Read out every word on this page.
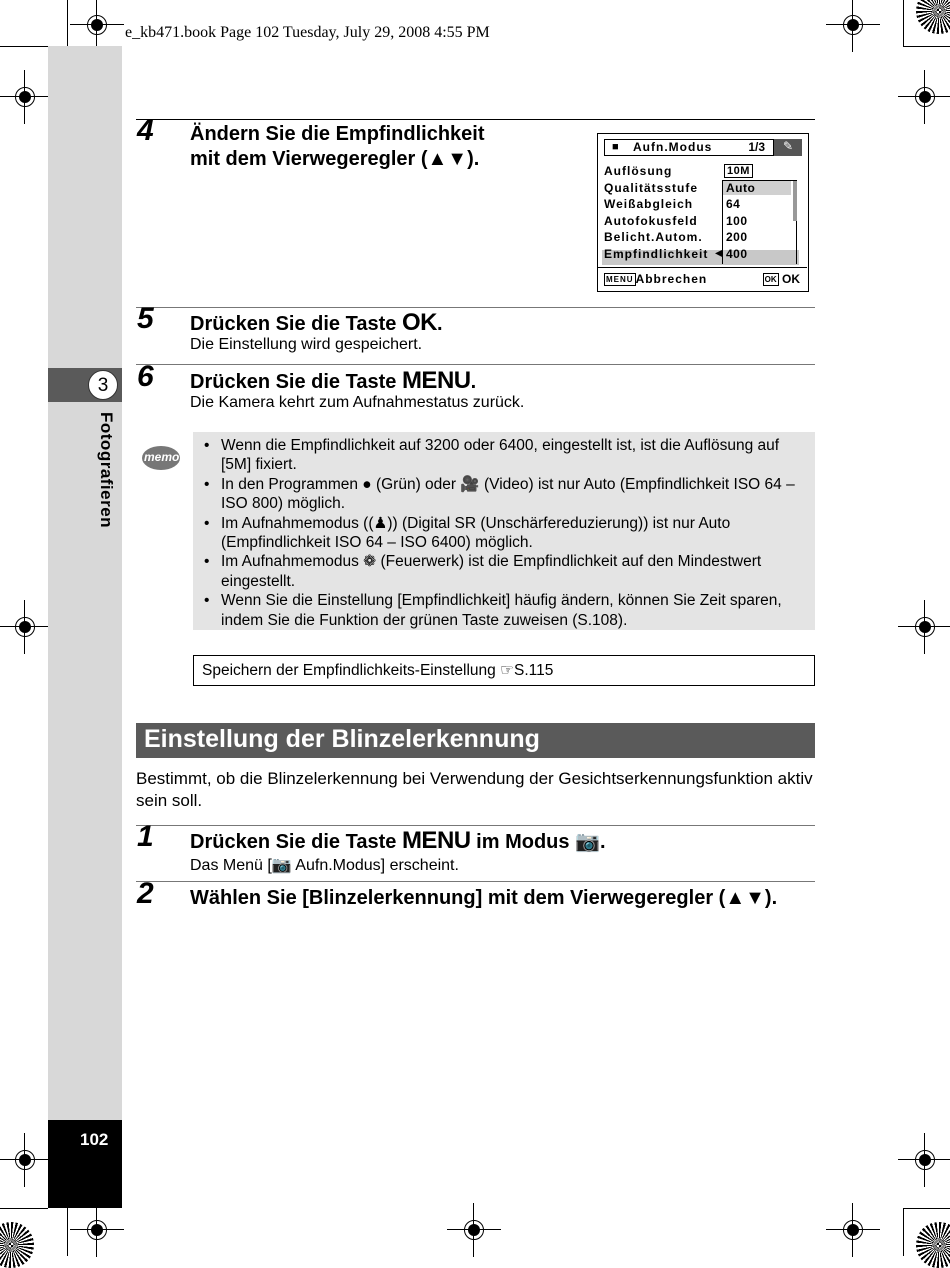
e_kb471.book Page 102 Tuesday, July 29, 2008 4:55 PM
3
Fotografieren
102
4 Ändern Sie die Empfindlichkeit
mit dem Vierwegeregler (▲▼).
■ Aufn.Modus	1/3 ✎
Auflösung
Qualitätsstufe
Weißabgleich
Autofokusfeld
Belicht.Autom.
Empfindlichkeit
10M
Auto
64
100
200
400
◀
MENU Abbrechen	OK OK
5 Drücken Sie die Taste OK.
Die Einstellung wird gespeichert.
6 Drücken Sie die Taste MENU.
Die Kamera kehrt zum Aufnahmestatus zurück.
memo
• Wenn die Empfindlichkeit auf 3200 oder 6400, eingestellt ist, ist die Auflösung auf [5M] fixiert.
• In den Programmen ● (Grün) oder 🎥 (Video) ist nur Auto (Empfindlichkeit ISO 64 – ISO 800) möglich.
• Im Aufnahmemodus ((♟)) (Digital SR (Unschärfereduzierung)) ist nur Auto (Empfindlichkeit ISO 64 – ISO 6400) möglich.
• Im Aufnahmemodus ❁ (Feuerwerk) ist die Empfindlichkeit auf den Mindestwert eingestellt.
• Wenn Sie die Einstellung [Empfindlichkeit] häufig ändern, können Sie Zeit sparen, indem Sie die Funktion der grünen Taste zuweisen (S.108).
Speichern der Empfindlichkeits-Einstellung ☞S.115
Einstellung der Blinzelerkennung
Bestimmt, ob die Blinzelerkennung bei Verwendung der Gesichtserkennungsfunktion aktiv sein soll.
1 Drücken Sie die Taste MENU im Modus 📷.
Das Menü [📷 Aufn.Modus] erscheint.
2 Wählen Sie [Blinzelerkennung] mit dem Vierwegeregler (▲▼).
